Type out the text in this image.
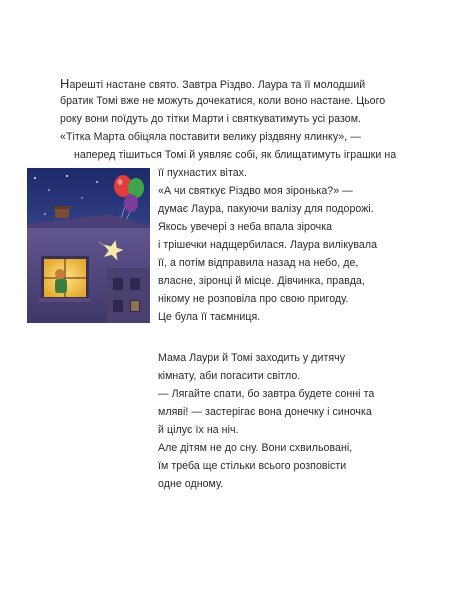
Нарешті настане свято. Завтра Різдво. Лаура та її молодший
братик Томі вже не можуть дочекатися, коли воно настане. Цього
року вони поїдуть до тітки Марти і святкуватимуть усі разом.
«Тітка Марта обіцяла поставити велику різдвяну ялинку», —
наперед тішиться Томі й уявляє собі, як блищатимуть іграшки на
її пухнастих вітах.
«А чи святкує Різдво моя зіронька?» —
думає Лаура, пакуючи валізу для подорожі.
Якось увечері з неба впала зірочка
і трішечки надщербилася. Лаура вилікувала
її, а потім відправила назад на небо, де,
власне, зіронці й місце. Дівчинка, правда,
нікому не розповіла про свою пригоду.
Це була її таємниця.
Мама Лаури й Томі заходить у дитячу
кімнату, аби погасити світло.
— Лягайте спати, бо завтра будете сонні та
мляві! — застерігає вона донечку і синочка
й цілує їх на ніч.
Але дітям не до сну. Вони схвильовані,
їм треба ще стільки всього розповісти
одне одному.
